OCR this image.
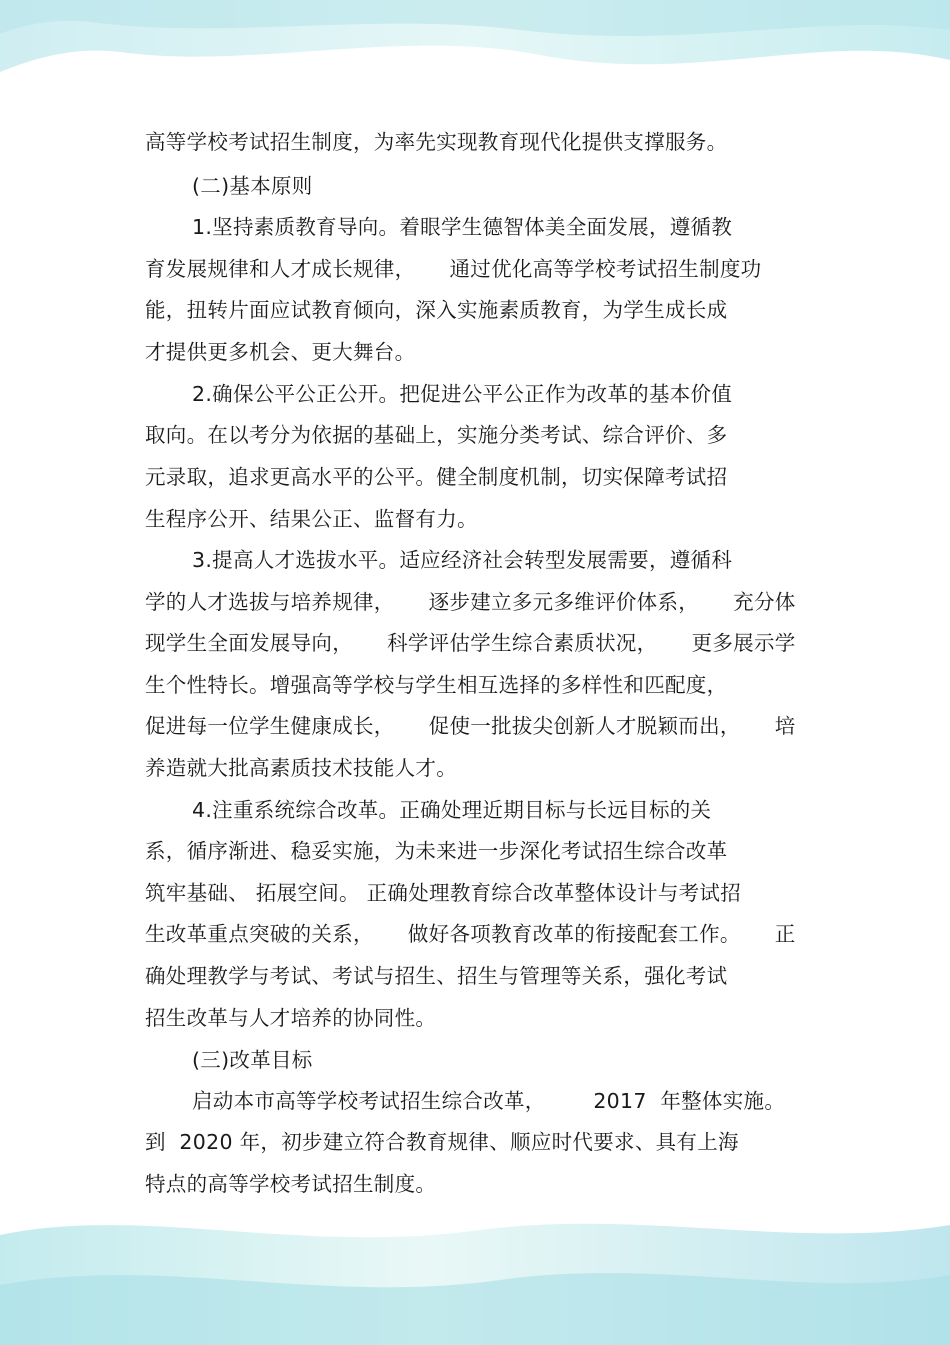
高等学校考试招生制度，为率先实现教育现代化提供支撑服务。
(二)基本原则
1.坚持素质教育导向。着眼学生德智体美全面发展，遵循教
育发展规律和人才成长规律，     通过优化高等学校考试招生制度功
能，扭转片面应试教育倾向，深入实施素质教育，为学生成长成
才提供更多机会、更大舞台。
2.确保公平公正公开。把促进公平公正作为改革的基本价值
取向。在以考分为依据的基础上，实施分类考试、综合评价、多
元录取，追求更高水平的公平。健全制度机制，切实保障考试招
生程序公开、结果公正、监督有力。
3.提高人才选拔水平。适应经济社会转型发展需要，遵循科
学的人才选拔与培养规律，     逐步建立多元多维评价体系，     充分体
现学生全面发展导向，     科学评估学生综合素质状况，     更多展示学
生个性特长。增强高等学校与学生相互选择的多样性和匹配度，
促进每一位学生健康成长，     促使一批拔尖创新人才脱颖而出，     培
养造就大批高素质技术技能人才。
4.注重系统综合改革。正确处理近期目标与长远目标的关
系，循序渐进、稳妥实施，为未来进一步深化考试招生综合改革
筑牢基础、 拓展空间。 正确处理教育综合改革整体设计与考试招
生改革重点突破的关系，     做好各项教育改革的衔接配套工作。     正
确处理教学与考试、考试与招生、招生与管理等关系，强化考试
招生改革与人才培养的协同性。
(三)改革目标
启动本市高等学校考试招生综合改革，       2017  年整体实施。
到  2020 年，初步建立符合教育规律、顺应时代要求、具有上海
特点的高等学校考试招生制度。
